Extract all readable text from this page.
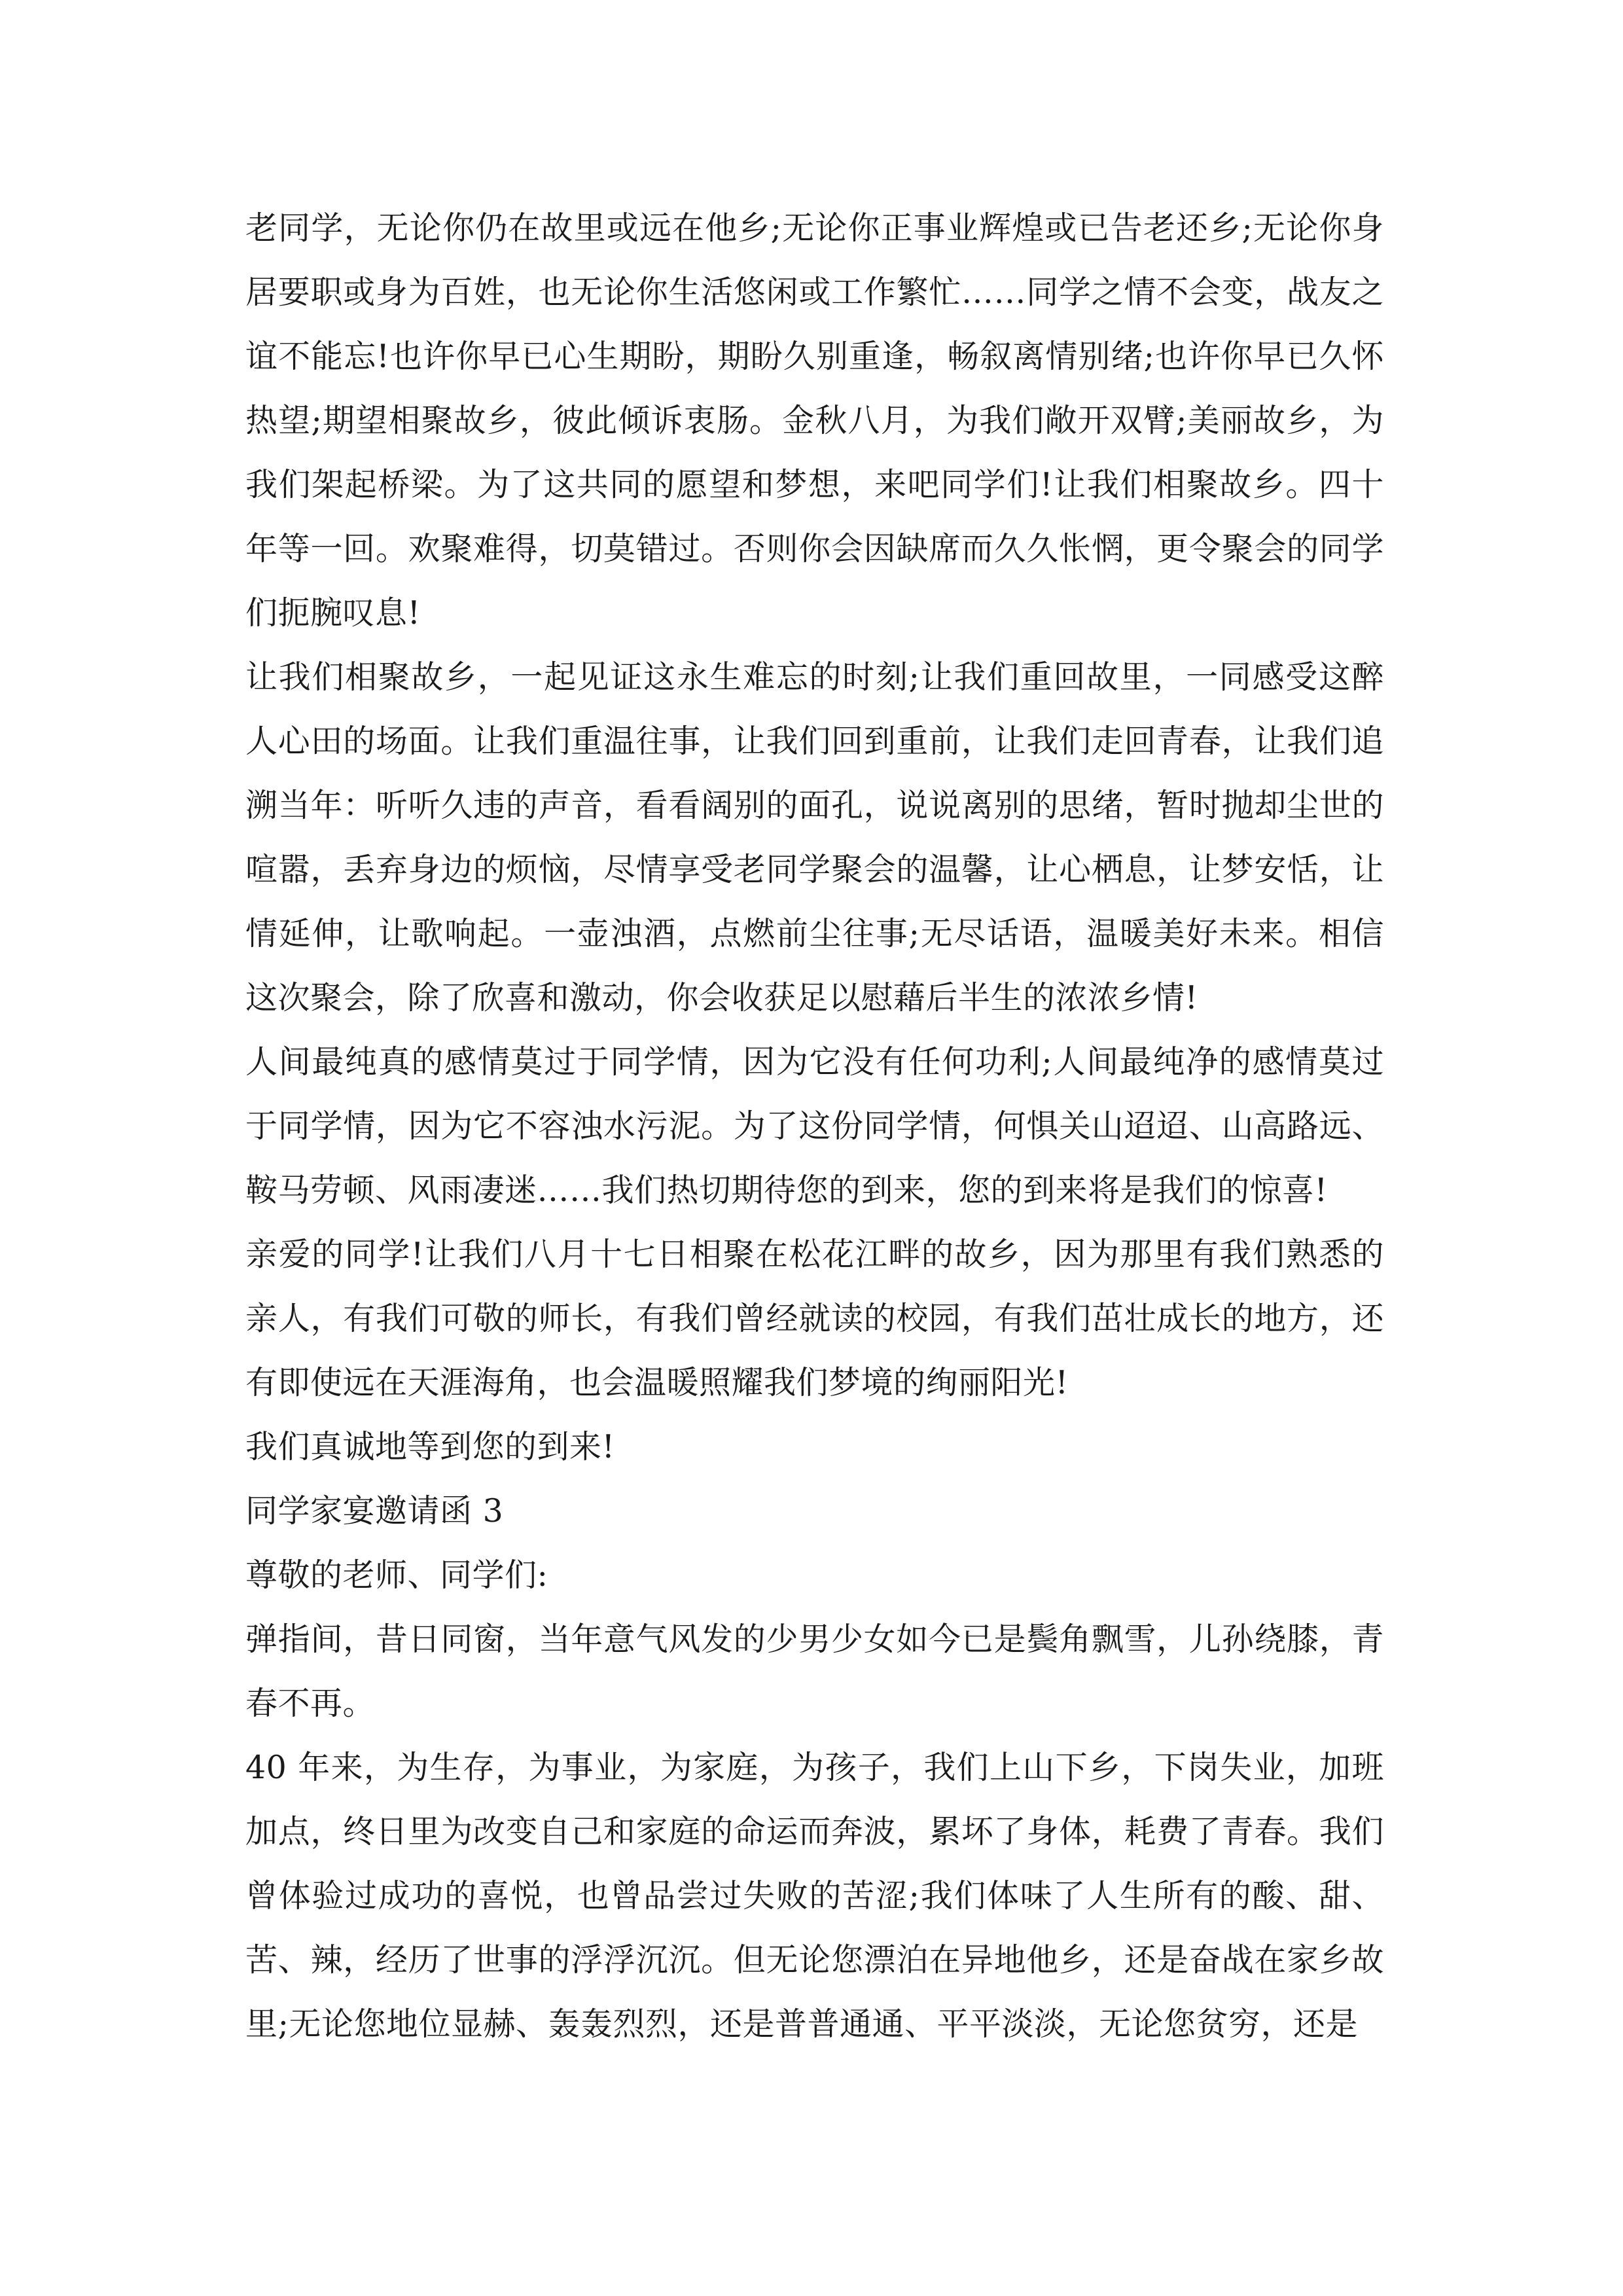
老同学，无论你仍在故里或远在他乡;无论你正事业辉煌或已告老还乡;无论你身居要职或身为百姓，也无论你生活悠闲或工作繁忙……同学之情不会变，战友之谊不能忘!也许你早已心生期盼，期盼久别重逢，畅叙离情别绪;也许你早已久怀热望;期望相聚故乡，彼此倾诉衷肠。金秋八月，为我们敞开双臂;美丽故乡，为我们架起桥梁。为了这共同的愿望和梦想，来吧同学们!让我们相聚故乡。四十年等一回。欢聚难得，切莫错过。否则你会因缺席而久久怅惘，更令聚会的同学们扼腕叹息!

让我们相聚故乡，一起见证这永生难忘的时刻;让我们重回故里，一同感受这醉人心田的场面。让我们重温往事，让我们回到重前，让我们走回青春，让我们追溯当年：听听久违的声音，看看阔别的面孔，说说离别的思绪，暂时抛却尘世的喧嚣，丢弃身边的烦恼，尽情享受老同学聚会的温馨，让心栖息，让梦安恬，让情延伸，让歌响起。一壶浊酒，点燃前尘往事;无尽话语，温暖美好未来。相信这次聚会，除了欣喜和激动，你会收获足以慰藉后半生的浓浓乡情!

人间最纯真的感情莫过于同学情，因为它没有任何功利;人间最纯净的感情莫过于同学情，因为它不容浊水污泥。为了这份同学情，何惧关山迢迢、山高路远、鞍马劳顿、风雨凄迷……我们热切期待您的到来，您的到来将是我们的惊喜!

亲爱的同学!让我们八月十七日相聚在松花江畔的故乡，因为那里有我们熟悉的亲人，有我们可敬的师长，有我们曾经就读的校园，有我们茁壮成长的地方，还有即使远在天涯海角，也会温暖照耀我们梦境的绚丽阳光!

我们真诚地等到您的到来!

同学家宴邀请函 3

尊敬的老师、同学们:

弹指间，昔日同窗，当年意气风发的少男少女如今已是鬓角飘雪，儿孙绕膝，青春不再。

40 年来，为生存，为事业，为家庭，为孩子，我们上山下乡，下岗失业，加班加点，终日里为改变自己和家庭的命运而奔波，累坏了身体，耗费了青春。我们曾体验过成功的喜悦，也曾品尝过失败的苦涩;我们体味了人生所有的酸、甜、苦、辣，经历了世事的浮浮沉沉。但无论您漂泊在异地他乡，还是奋战在家乡故里;无论您地位显赫、轰轰烈烈，还是普普通通、平平淡淡，无论您贫穷，还是
